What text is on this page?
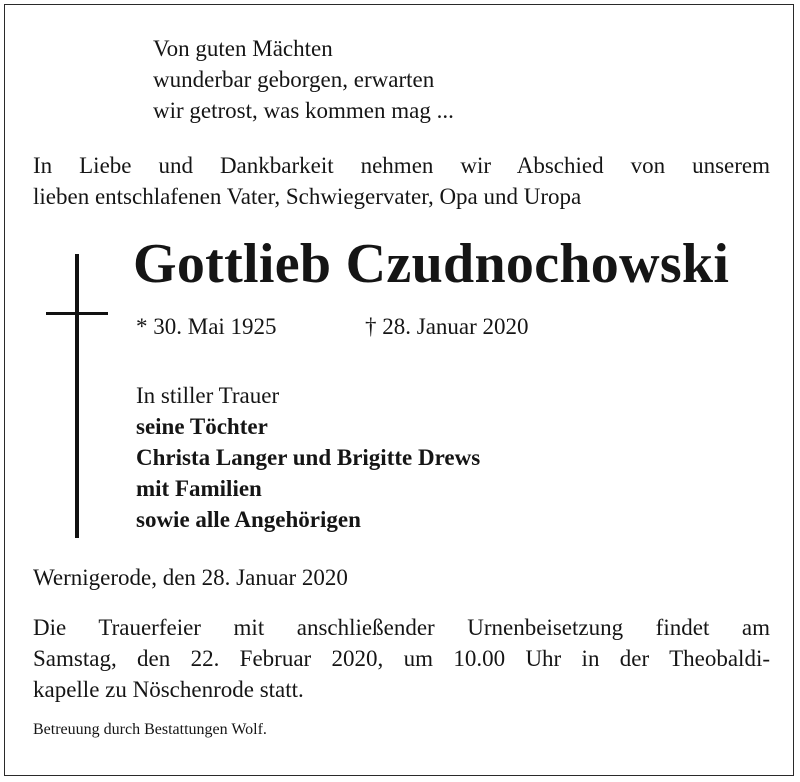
Von guten Mächten
wunderbar geborgen, erwarten
wir getrost, was kommen mag ...
In Liebe und Dankbarkeit nehmen wir Abschied von unserem
lieben entschlafenen Vater, Schwiegervater, Opa und Uropa
Gottlieb Czudnochowski
* 30. Mai 1925	† 28. Januar 2020
In stiller Trauer
seine Töchter
Christa Langer und Brigitte Drews
mit Familien
sowie alle Angehörigen
Wernigerode, den 28. Januar 2020
Die Trauerfeier mit anschließender Urnenbeisetzung findet am
Samstag, den 22. Februar 2020, um 10.00 Uhr in der Theobaldi-
kapelle zu Nöschenrode statt.
Betreuung durch Bestattungen Wolf.
